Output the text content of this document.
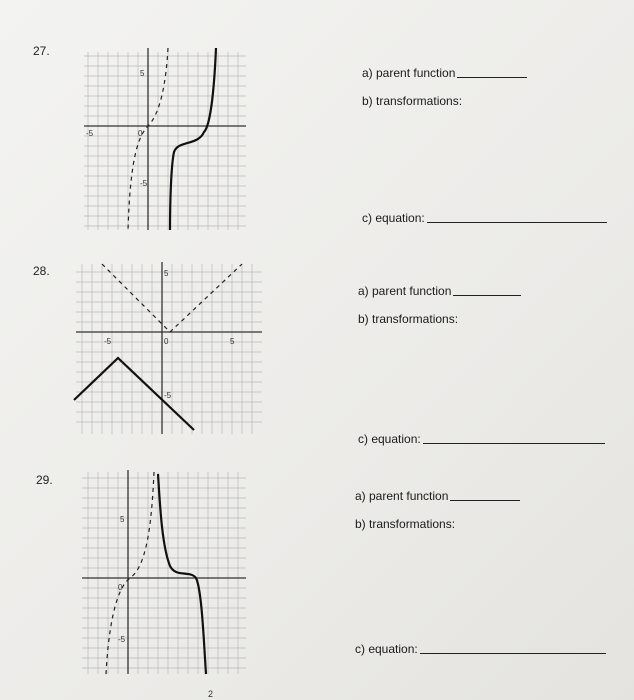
27.
5
-5	0
-5
a) parent function
b) transformations:
c) equation:
28.	5
-5	0	5
-5
a) parent function
b) transformations:
c) equation:
29.
5
0
-5
a) parent function
b) transformations:
c) equation:
2
